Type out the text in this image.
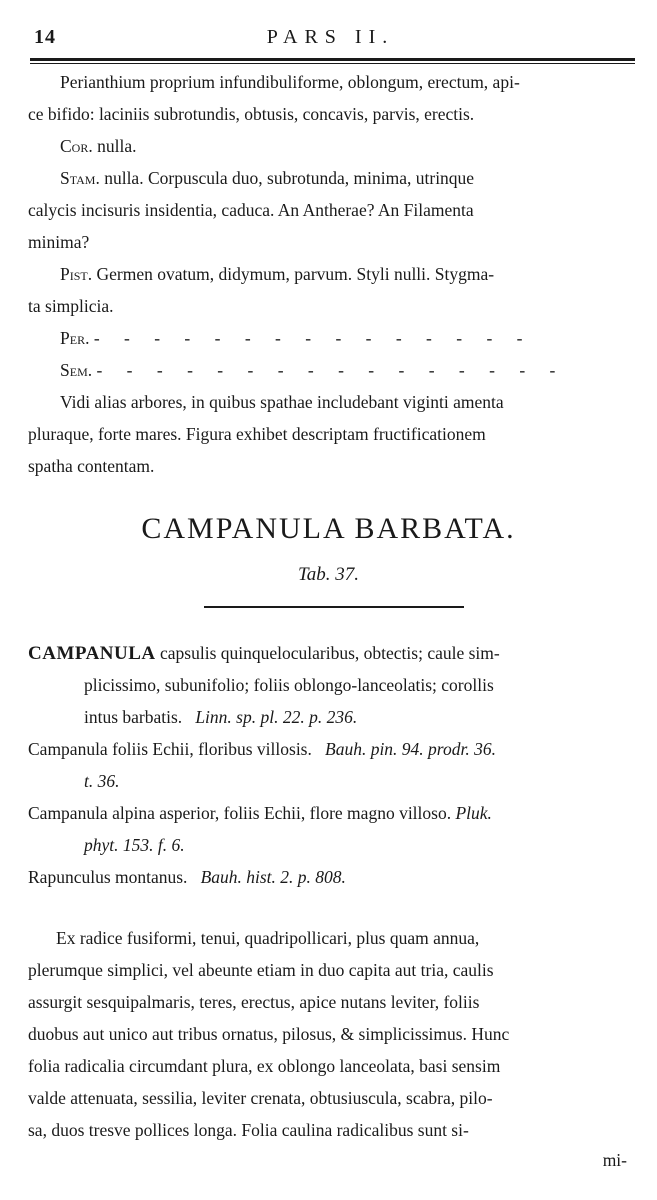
14	PARS II.
Perianthium proprium infundibuliforme, oblongum, erectum, api-
ce bifido: laciniis subrotundis, obtusis, concavis, parvis, erectis.
Cor. nulla.
Stam. nulla. Corpuscula duo, subrotunda, minima, utrinque
calycis incisuris insidentia, caduca. An Antherae? An Filamenta
minima?
Pist. Germen ovatum, didymum, parvum. Styli nulli. Stygma-
ta simplicia.
Per. - - - - - - - - - - - - - - -
Sem. - - - - - - - - - - - - - - - -
Vidi alias arbores, in quibus spathae includebant viginti amenta
pluraque, forte mares. Figura exhibet descriptam fructificationem
spatha contentam.
CAMPANULA BARBATA.
Tab. 37.
CAMPANULA capsulis quinquelocularibus, obtectis; caule sim-
plicissimo, subunifolio; foliis oblongo-lanceolatis; corollis
intus barbatis. Linn. sp. pl. 22. p. 236.
Campanula foliis Echii, floribus villosis. Bauh. pin. 94. prodr. 36.
t. 36.
Campanula alpina asperior, foliis Echii, flore magno villoso. Pluk.
phyt. 153. f. 6.
Rapunculus montanus. Bauh. hist. 2. p. 808.
Ex radice fusiformi, tenui, quadripollicari, plus quam annua,
plerumque simplici, vel abeunte etiam in duo capita aut tria, caulis
assurgit sesquipalmaris, teres, erectus, apice nutans leviter, foliis
duobus aut unico aut tribus ornatus, pilosus, & simplicissimus. Hunc
folia radicalia circumdant plura, ex oblongo lanceolata, basi sensim
valde attenuata, sessilia, leviter crenata, obtusiuscula, scabra, pilo-
sa, duos tresve pollices longa. Folia caulina radicalibus sunt si-
mi-
